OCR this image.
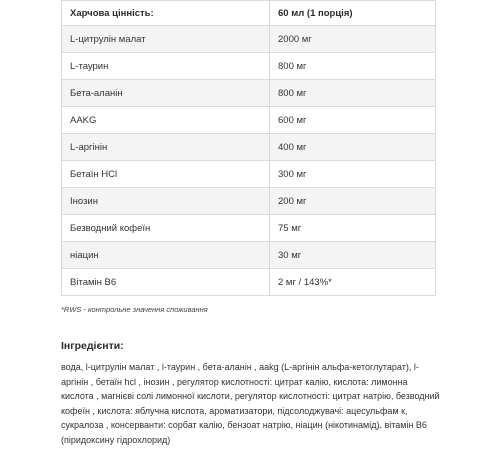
Харчова цінність:	60 мл (1 порція)
L-цитрулін малат	2000 мг
L-таурин	800 мг
Бета-аланін	800 мг
AAKG	600 мг
L-аргінін	400 мг
Бетаїн HCl	300 мг
Інозин	200 мг
Безводний кофеїн	75 мг
ніацин	30 мг
Вітамін B6	2 мг / 143%*
*RWS - контрольне значення споживання
Інгредієнти:
вода, l-цитрулін малат , l-таурин , бета-аланін , aakg (L-аргінін альфа-кетоглутарат), l-аргінін , бетаїн hcl , інозин , регулятор кислотності: цитрат калію, кислота: лимонна кислота , магнієві солі лимонної кислоти, регулятор кислотності: цитрат натрію, безводний кофеїн , кислота: яблучна кислота, ароматизатори, підсолоджувачі: ацесульфам к, сукралоза , консерванти: сорбат калію, бензоат натрію, ніацин (нікотинамід), вітамін B6 (піридоксину гідрохлорид)
